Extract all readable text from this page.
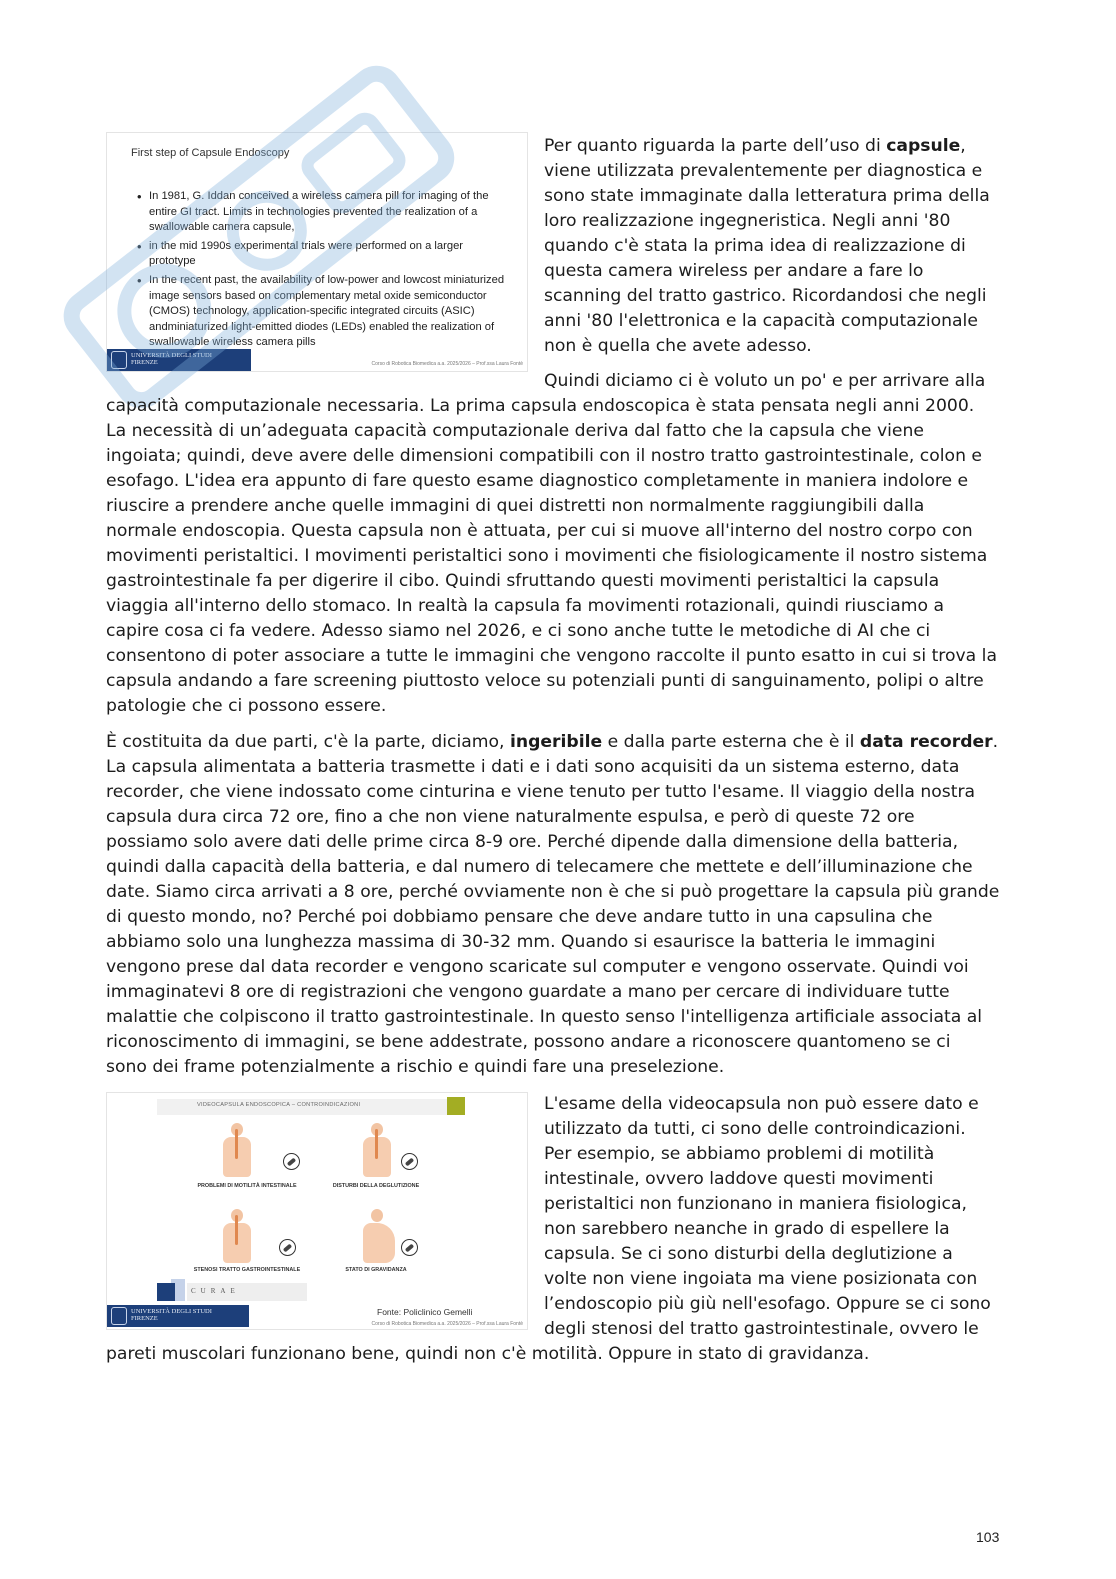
First step of Capsule Endoscopy
• In 1981, G. Iddan conceived a wireless camera pill for imaging of the entire GI tract. Limits in technologies prevented the realization of a swallowable camera capsule,
• in the mid 1990s experimental trials were performed on a larger prototype
• In the recent past, the availability of low-power and lowcost miniaturized image sensors based on complementary metal oxide semiconductor (CMOS) technology, application-specific integrated circuits (ASIC) andminiaturized light-emitted diodes (LEDs) enabled the realization of swallowable wireless camera pills
UNIVERSITÀ DEGLI STUDI FIRENZE	Corso di Robotica Biomedica a.a. 2025/2026 – Prof.ssa Laura Fontè
Per quanto riguarda la parte dell’uso di capsule,
viene utilizzata prevalentemente per diagnostica e
sono state immaginate dalla letteratura prima della
loro realizzazione ingegneristica. Negli anni '80
quando c'è stata la prima idea di realizzazione di
questa camera wireless per andare a fare lo
scanning del tratto gastrico. Ricordandosi che negli
anni '80 l'elettronica e la capacità computazionale
non è quella che avete adesso.
Quindi diciamo ci è voluto un po' e per arrivare alla
capacità computazionale necessaria. La prima capsula endoscopica è stata pensata negli anni 2000.
La necessità di un’adeguata capacità computazionale deriva dal fatto che la capsula che viene
ingoiata; quindi, deve avere delle dimensioni compatibili con il nostro tratto gastrointestinale, colon e
esofago. L'idea era appunto di fare questo esame diagnostico completamente in maniera indolore e
riuscire a prendere anche quelle immagini di quei distretti non normalmente raggiungibili dalla
normale endoscopia. Questa capsula non è attuata, per cui si muove all'interno del nostro corpo con
movimenti peristaltici. I movimenti peristaltici sono i movimenti che fisiologicamente il nostro sistema
gastrointestinale fa per digerire il cibo. Quindi sfruttando questi movimenti peristaltici la capsula
viaggia all'interno dello stomaco. In realtà la capsula fa movimenti rotazionali, quindi riusciamo a
capire cosa ci fa vedere. Adesso siamo nel 2026, e ci sono anche tutte le metodiche di AI che ci
consentono di poter associare a tutte le immagini che vengono raccolte il punto esatto in cui si trova la
capsula andando a fare screening piuttosto veloce su potenziali punti di sanguinamento, polipi o altre
patologie che ci possono essere.
È costituita da due parti, c'è la parte, diciamo, ingeribile e dalla parte esterna che è il data recorder.
La capsula alimentata a batteria trasmette i dati e i dati sono acquisiti da un sistema esterno, data
recorder, che viene indossato come cinturina e viene tenuto per tutto l'esame. Il viaggio della nostra
capsula dura circa 72 ore, fino a che non viene naturalmente espulsa, e però di queste 72 ore
possiamo solo avere dati delle prime circa 8-9 ore. Perché dipende dalla dimensione della batteria,
quindi dalla capacità della batteria, e dal numero di telecamere che mettete e dell’illuminazione che
date. Siamo circa arrivati a 8 ore, perché ovviamente non è che si può progettare la capsula più grande
di questo mondo, no? Perché poi dobbiamo pensare che deve andare tutto in una capsulina che
abbiamo solo una lunghezza massima di 30-32 mm. Quando si esaurisce la batteria le immagini
vengono prese dal data recorder e vengono scaricate sul computer e vengono osservate. Quindi voi
immaginatevi 8 ore di registrazioni che vengono guardate a mano per cercare di individuare tutte
malattie che colpiscono il tratto gastrointestinale. In questo senso l'intelligenza artificiale associata al
riconoscimento di immagini, se bene addestrate, possono andare a riconoscere quantomeno se ci
sono dei frame potenzialmente a rischio e quindi fare una preselezione.
VIDEOCAPSULA ENDOSCOPICA – CONTROINDICAZIONI
PROBLEMI DI MOTILITÀ INTESTINALE	DISTURBI DELLA DEGLUTIZIONE
STENOSI TRATTO GASTROINTESTINALE	STATO DI GRAVIDANZA
CURAE
UNIVERSITÀ DEGLI STUDI FIRENZE
Fonte: Policlinico Gemelli
Corso di Robotica Biomedica a.a. 2025/2026 – Prof.ssa Laura Fontè
L'esame della videocapsula non può essere dato e
utilizzato da tutti, ci sono delle controindicazioni.
Per esempio, se abbiamo problemi di motilità
intestinale, ovvero laddove questi movimenti
peristaltici non funzionano in maniera fisiologica,
non sarebbero neanche in grado di espellere la
capsula. Se ci sono disturbi della deglutizione a
volte non viene ingoiata ma viene posizionata con
l’endoscopio più giù nell'esofago. Oppure se ci sono
degli stenosi del tratto gastrointestinale, ovvero le
pareti muscolari funzionano bene, quindi non c'è motilità. Oppure in stato di gravidanza.
103
